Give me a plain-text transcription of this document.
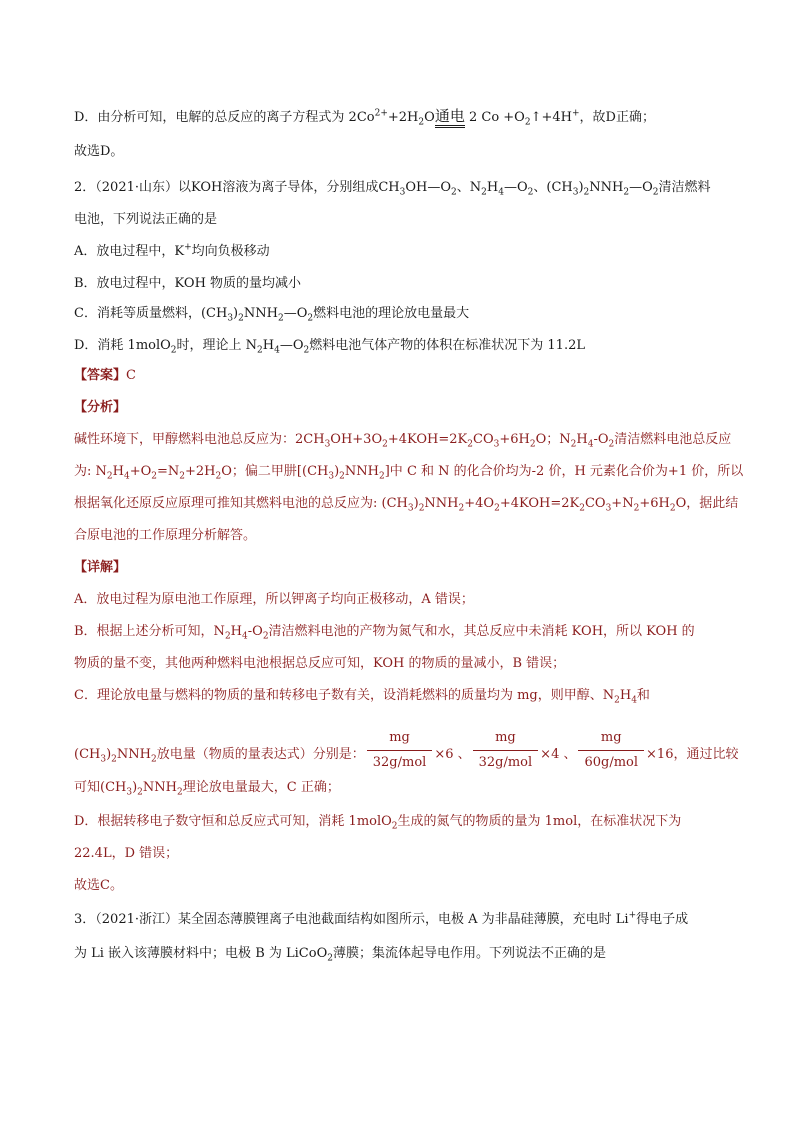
D．由分析可知，电解的总反应的离子方程式为 $2Co^{2+}+2H_2O$通电 2 $Co +O_2↑+4H^+$，故D正确；
故选D。
2．（2021·山东）以KOH溶液为离子导体，分别组成$CH_3OH—O_2$、$N_2H_4—O_2$、$(CH_3)_2NNH_2—O_2$清洁燃料
电池，下列说法正确的是
A．放电过程中，K+均向负极移动
B．放电过程中，KOH 物质的量均减小
C．消耗等质量燃料，$(CH_3)_2NNH_2—O_2$燃料电池的理论放电量最大
D．消耗 1molO$_2$时，理论上 $N_2H_4—O_2$燃料电池气体产物的体积在标准状况下为 11.2L
【答案】C
【分析】
碱性环境下，甲醇燃料电池总反应为：$2CH_3OH+3O_2+4KOH=2K_2CO_3+6H_2O$；$N_2H_4-O_2$清洁燃料电池总反应
为: $N_2H_4+O_2=N_2+2H_2O$；偏二甲肼$[(CH_3)_2NNH_2]$中 C 和 N 的化合价均为-2 价，H 元素化合价为+1 价，所以
根据氧化还原反应原理可推知其燃料电池的总反应为: $(CH_3)_2NNH_2+4O_2+4KOH=2K_2CO_3+N_2+6H_2O$，据此结
合原电池的工作原理分析解答。
【详解】
A．放电过程为原电池工作原理，所以钾离子均向正极移动，A 错误；
B．根据上述分析可知，$N_2H_4-O_2$清洁燃料电池的产物为氮气和水，其总反应中未消耗 KOH，所以 KOH 的
物质的量不变，其他两种燃料电池根据总反应可知，KOH 的物质的量减小，B 错误；
C．理论放电量与燃料的物质的量和转移电子数有关，设消耗燃料的质量均为 mg，则甲醇、$N_2H_4$和
$(CH_3)_2NNH_2$放电量（物质的量表达式）分别是： $\frac{mg}{\text{32g/mol}} \times 6$ 、 $\frac{mg}{\text{32g/mol}} \times 4$ 、 $\frac{mg}{\text{60g/mol}} \times 16$，通过比较
可知$(CH_3)_2NNH_2$理论放电量最大，C 正确；
D．根据转移电子数守恒和总反应式可知，消耗 1molO$_2$生成的氮气的物质的量为 1mol，在标准状况下为
22.4L，D 错误；
故选C。
3．（2021·浙江）某全固态薄膜锂离子电池截面结构如图所示，电极 A 为非晶硅薄膜，充电时 Li+得电子成
为 Li 嵌入该薄膜材料中；电极 B 为 LiCoO$_2$薄膜；集流体起导电作用。下列说法不正确的是
